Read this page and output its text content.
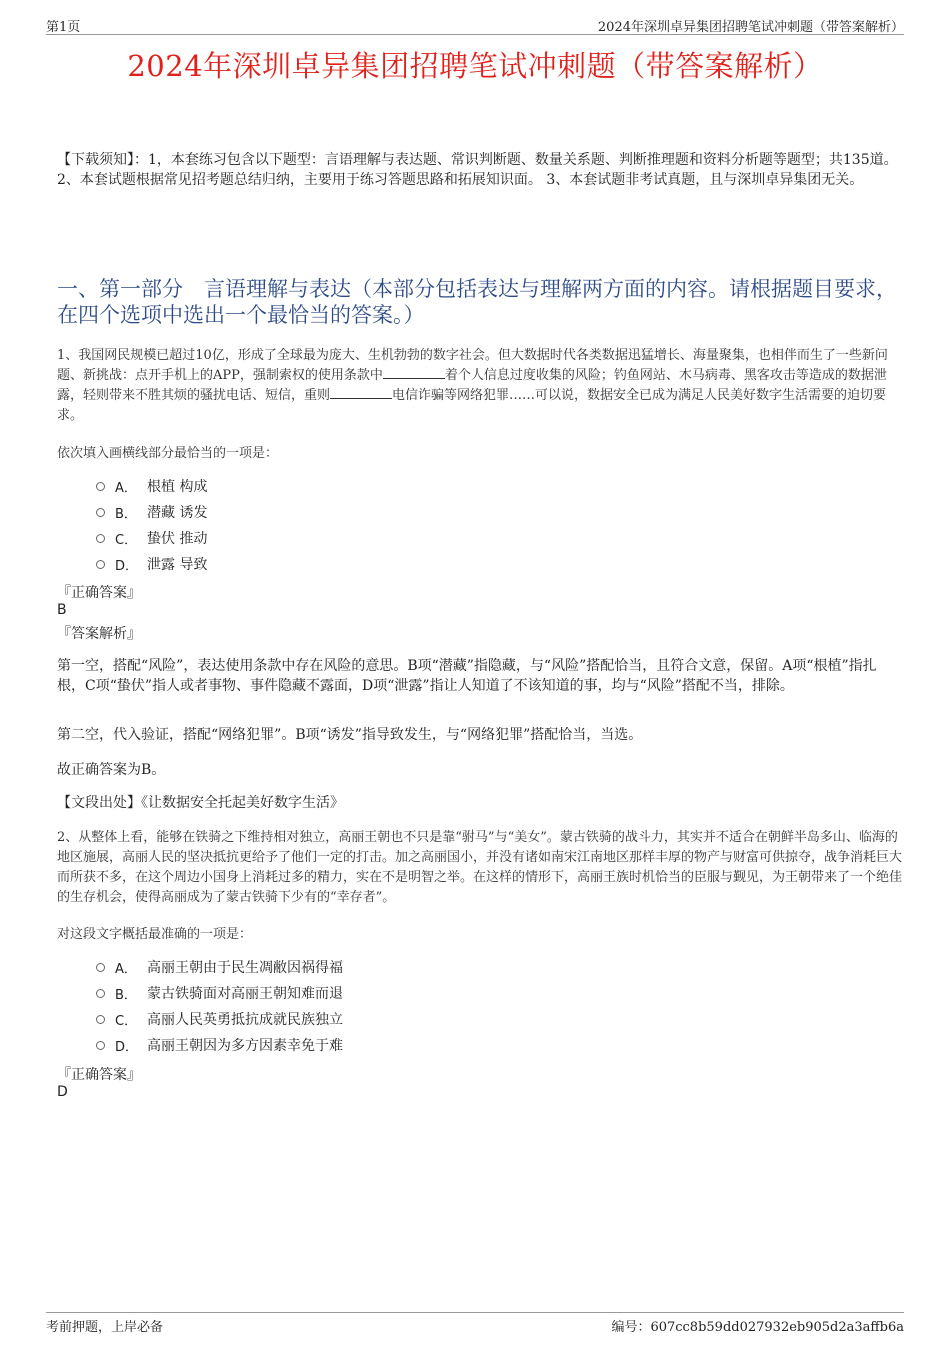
第1页	2024年深圳卓异集团招聘笔试冲刺题（带答案解析）
2024年深圳卓异集团招聘笔试冲刺题（带答案解析）
【下载须知】：1，本套练习包含以下题型：言语理解与表达题、常识判断题、数量关系题、判断推理题和资料分析题等题型；共135道。 2、本套试题根据常见招考题总结归纳，主要用于练习答题思路和拓展知识面。 3、本套试题非考试真题，且与深圳卓异集团无关。
一、第一部分　言语理解与表达（本部分包括表达与理解两方面的内容。请根据题目要求，在四个选项中选出一个最恰当的答案。）
1、我国网民规模已超过10亿，形成了全球最为庞大、生机勃勃的数字社会。但大数据时代各类数据迅猛增长、海量聚集，也相伴而生了一些新问题、新挑战：点开手机上的APP，强制索权的使用条款中	着个人信息过度收集的风险；钓鱼网站、木马病毒、黑客攻击等造成的数据泄露，轻则带来不胜其烦的骚扰电话、短信，重则	电信诈骗等网络犯罪……可以说，数据安全已成为满足人民美好数字生活需要的迫切要求。
依次填入画横线部分最恰当的一项是：
A． 根植 构成
B． 潜藏 诱发
C． 蛰伏 推动
D． 泄露 导致
『正确答案』
B
『答案解析』
第一空，搭配“风险”，表达使用条款中存在风险的意思。B项“潜藏”指隐藏，与“风险”搭配恰当，且符合文意，保留。A项“根植”指扎根，C项“蛰伏”指人或者事物、事件隐藏不露面，D项“泄露”指让人知道了不该知道的事，均与“风险”搭配不当，排除。
第二空，代入验证，搭配“网络犯罪”。B项“诱发”指导致发生，与“网络犯罪”搭配恰当，当选。
故正确答案为B。
【文段出处】《让数据安全托起美好数字生活》
2、从整体上看，能够在铁骑之下维持相对独立，高丽王朝也不只是靠“驸马”与“美女”。蒙古铁骑的战斗力，其实并不适合在朝鲜半岛多山、临海的地区施展，高丽人民的坚决抵抗更给予了他们一定的打击。加之高丽国小，并没有诸如南宋江南地区那样丰厚的物产与财富可供掠夺，战争消耗巨大而所获不多，在这个周边小国身上消耗过多的精力，实在不是明智之举。在这样的情形下，高丽王族时机恰当的臣服与觐见，为王朝带来了一个绝佳的生存机会，使得高丽成为了蒙古铁骑下少有的“幸存者”。
对这段文字概括最准确的一项是：
A． 高丽王朝由于民生凋敝因祸得福
B． 蒙古铁骑面对高丽王朝知难而退
C． 高丽人民英勇抵抗成就民族独立
D． 高丽王朝因为多方因素幸免于难
『正确答案』
D
考前押题，上岸必备	编号：607cc8b59dd027932eb905d2a3affb6a
